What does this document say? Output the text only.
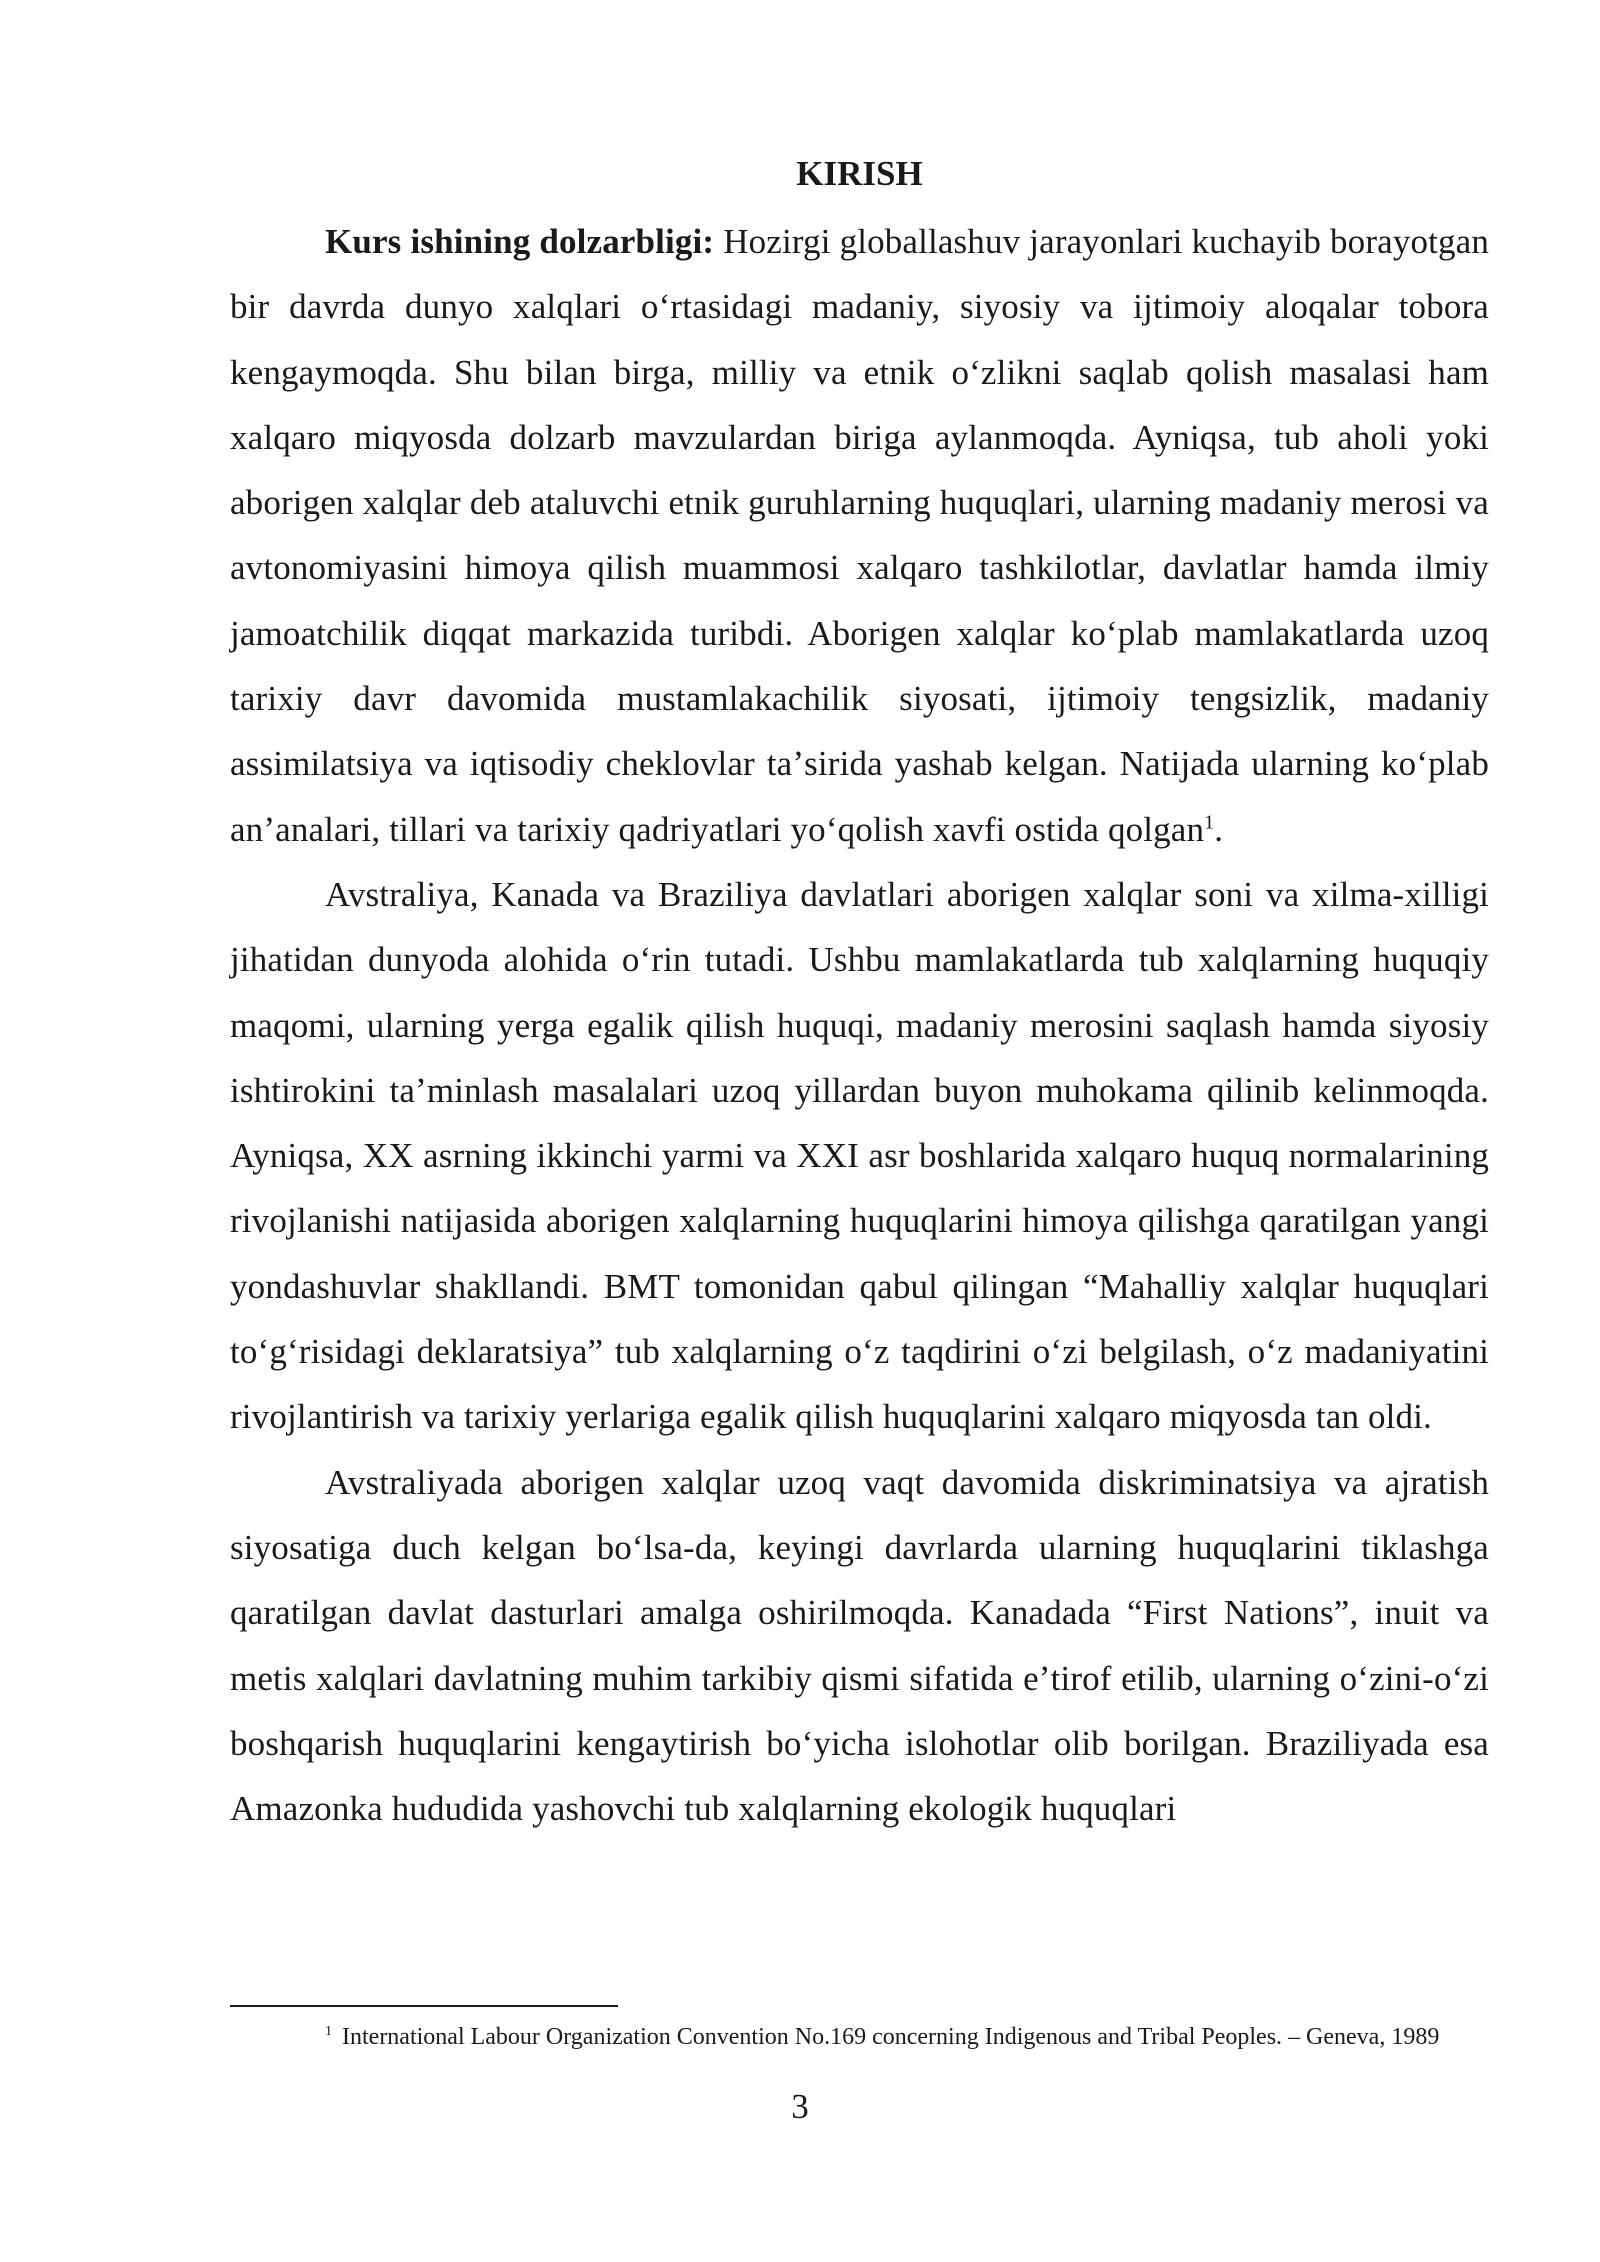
KIRISH

Kurs ishining dolzarbligi: Hozirgi globallashuv jarayonlari kuchayib borayotgan bir davrda dunyo xalqlari oʻrtasidagi madaniy, siyosiy va ijtimoiy aloqalar tobora kengaymoqda. Shu bilan birga, milliy va etnik oʻzlikni saqlab qolish masalasi ham xalqaro miqyosda dolzarb mavzulardan biriga aylanmoqda. Ayniqsa, tub aholi yoki aborigen xalqlar deb ataluvchi etnik guruhlarning huquqlari, ularning madaniy merosi va avtonomiyasini himoya qilish muammosi xalqaro tashkilotlar, davlatlar hamda ilmiy jamoatchilik diqqat markazida turibdi. Aborigen xalqlar koʻplab mamlakatlarda uzoq tarixiy davr davomida mustamlakachilik siyosati, ijtimoiy tengsizlik, madaniy assimilatsiya va iqtisodiy cheklovlar taʼsirida yashab kelgan. Natijada ularning koʻplab anʼanalari, tillari va tarixiy qadriyatlari yoʻqolish xavfi ostida qolgan$^1$.

Avstraliya, Kanada va Braziliya davlatlari aborigen xalqlar soni va xilma-xilligi jihatidan dunyoda alohida oʻrin tutadi. Ushbu mamlakatlarda tub xalqlarning huquqiy maqomi, ularning yerga egalik qilish huquqi, madaniy merosini saqlash hamda siyosiy ishtirokini taʼminlash masalalari uzoq yillardan buyon muhokama qilinib kelinmoqda. Ayniqsa, XX asrning ikkinchi yarmi va XXI asr boshlarida xalqaro huquq normalarining rivojlanishi natijasida aborigen xalqlarning huquqlarini himoya qilishga qaratilgan yangi yondashuvlar shakllandi. BMT tomonidan qabul qilingan “Mahalliy xalqlar huquqlari toʻgʻrisidagi deklaratsiya” tub xalqlarning oʻz taqdirini oʻzi belgilash, oʻz madaniyatini rivojlantirish va tarixiy yerlariga egalik qilish huquqlarini xalqaro miqyosda tan oldi.

Avstraliyada aborigen xalqlar uzoq vaqt davomida diskriminatsiya va ajratish siyosatiga duch kelgan boʻlsa-da, keyingi davrlarda ularning huquqlarini tiklashga qaratilgan davlat dasturlari amalga oshirilmoqda. Kanadada “First Nations”, inuit va metis xalqlari davlatning muhim tarkibiy qismi sifatida eʼtirof etilib, ularning oʻzini-oʻzi boshqarish huquqlarini kengaytirish boʻyicha islohotlar olib borilgan. Braziliyada esa Amazonka hududida yashovchi tub xalqlarning ekologik huquqlari

$^1$ International Labour Organization Convention No.169 concerning Indigenous and Tribal Peoples. – Geneva, 1989

3
